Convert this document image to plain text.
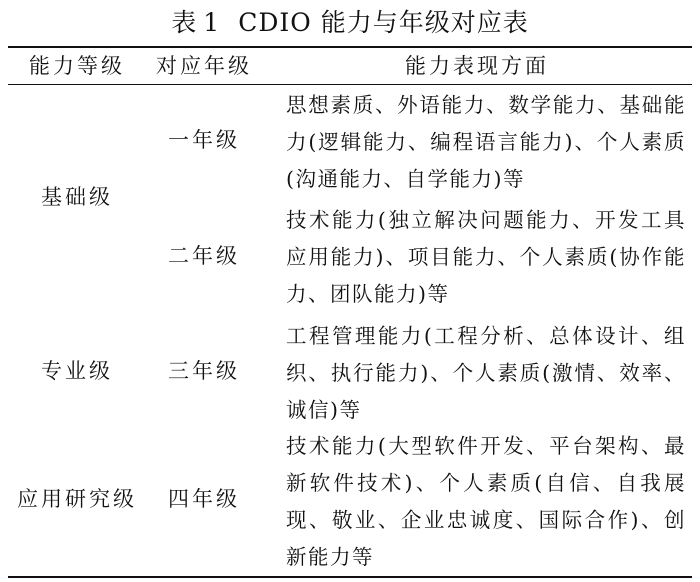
表 1 CDIO 能力与年级对应表
能力等级	对应年级	能力表现方面
基础级
专业级
应用研究级
一年级
二年级
三年级
四年级
思想素质、外语能力、数学能力、基础能力(逻辑能力、编程语言能力)、个人素质(沟通能力、自学能力)等
技术能力(独立解决问题能力、开发工具应用能力)、项目能力、个人素质(协作能力、团队能力)等
工程管理能力(工程分析、总体设计、组织、执行能力)、个人素质(激情、效率、诚信)等
技术能力(大型软件开发、平台架构、最新软件技术)、个人素质(自信、自我展现、敬业、企业忠诚度、国际合作)、创新能力等
